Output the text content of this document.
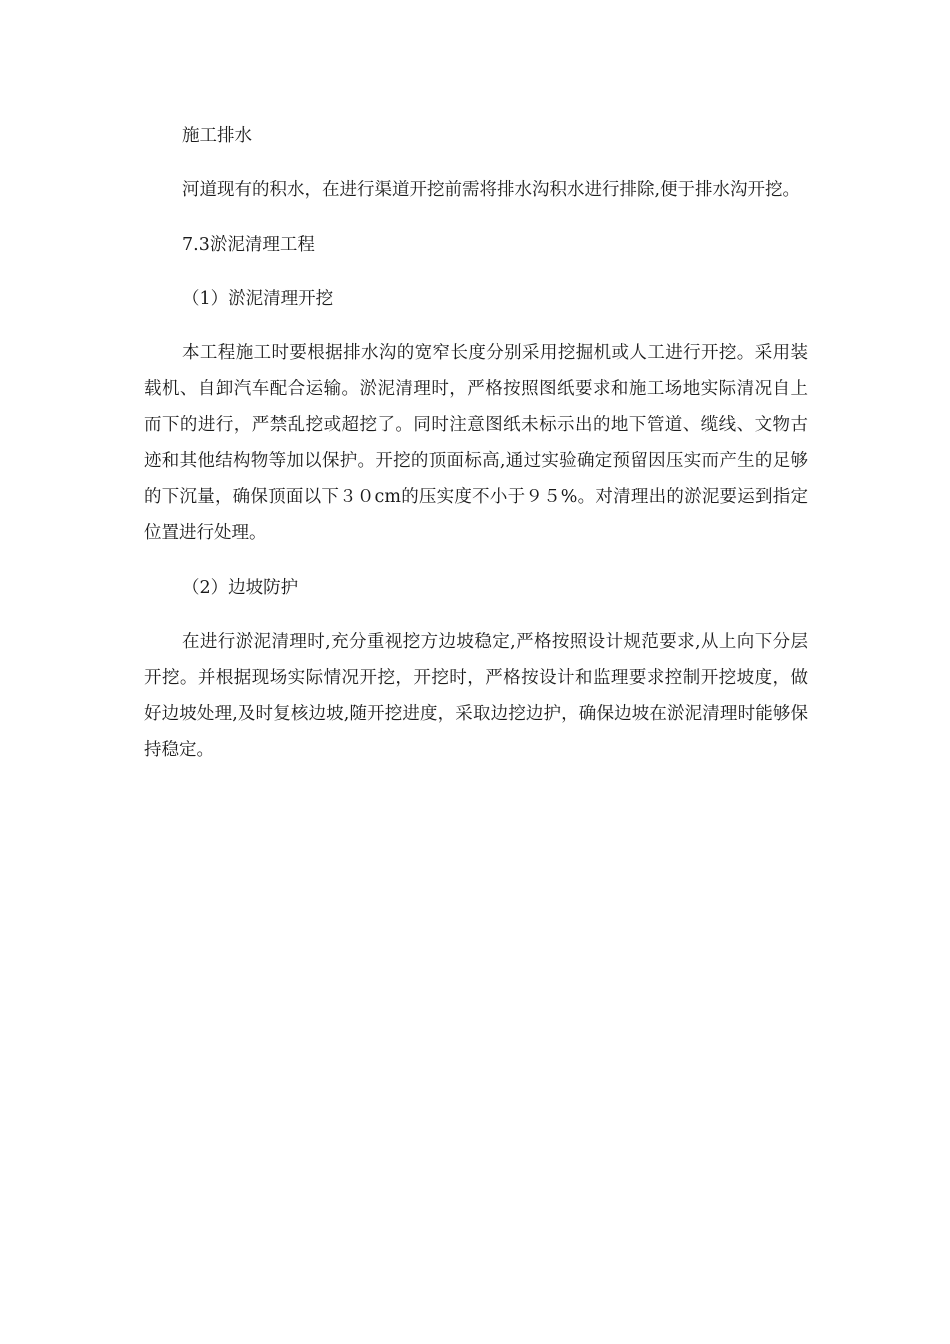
施工排水

河道现有的积水，在进行渠道开挖前需将排水沟积水进行排除,便于排水沟开挖。

7.3淤泥清理工程

（1）淤泥清理开挖

本工程施工时要根据排水沟的宽窄长度分别采用挖掘机或人工进行开挖。采用装载机、自卸汽车配合运输。淤泥清理时，严格按照图纸要求和施工场地实际清况自上而下的进行，严禁乱挖或超挖了。同时注意图纸未标示出的地下管道、缆线、文物古迹和其他结构物等加以保护。开挖的顶面标高,通过实验确定预留因压实而产生的足够的下沉量，确保顶面以下３０cm的压实度不小于９５%。对清理出的淤泥要运到指定位置进行处理。

（2）边坡防护

在进行淤泥清理时,充分重视挖方边坡稳定,严格按照设计规范要求,从上向下分层开挖。并根据现场实际情况开挖，开挖时，严格按设计和监理要求控制开挖坡度，做好边坡处理,及时复核边坡,随开挖进度，采取边挖边护，确保边坡在淤泥清理时能够保持稳定。
